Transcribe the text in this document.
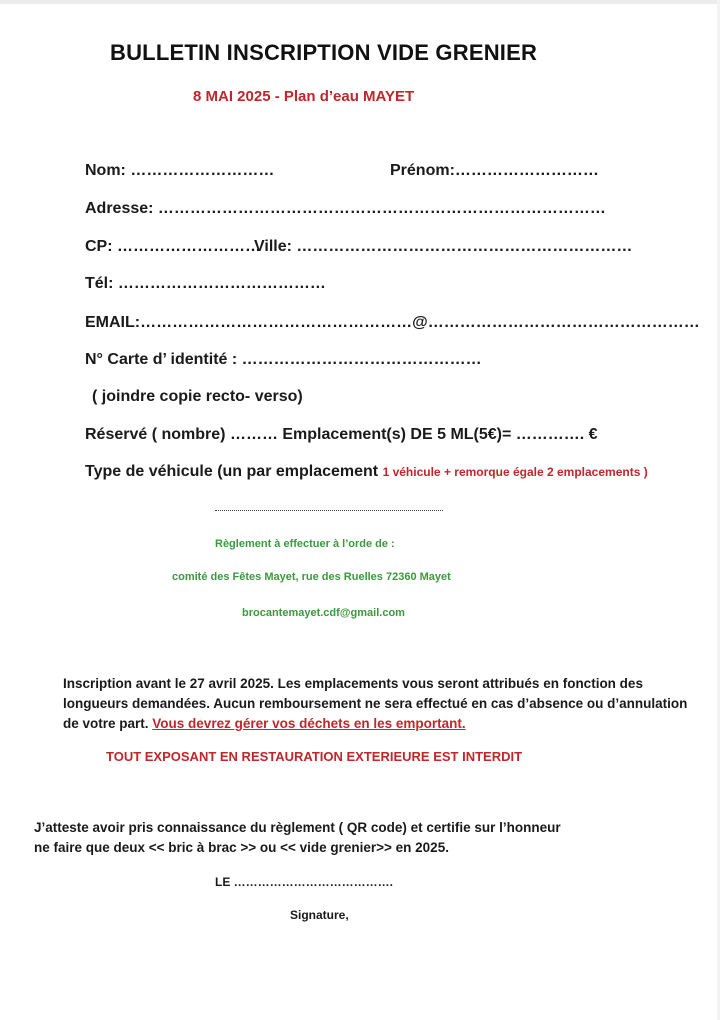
BULLETIN INSCRIPTION VIDE GRENIER
8 MAI 2025 - Plan d’eau MAYET
Nom: ………………………	Prénom:………………………
Adresse: …………………………………………………………………………
CP: ………………………
Ville: ………………………………………………………
Tél: …………………………………
EMAIL:……………………………………………@……………………………………………
N° Carte d’ identité : ………………………………………
( joindre copie recto- verso)
Réservé ( nombre) ……… Emplacement(s) DE 5 ML(5€)= …………. €
Type de véhicule (un par emplacement 1 véhicule + remorque égale 2 emplacements )
Règlement à effectuer à l’orde de :
comité des Fêtes Mayet, rue des Ruelles 72360 Mayet
brocantemayet.cdf@gmail.com
Inscription avant le 27 avril 2025. Les emplacements vous seront attribués en fonction des longueurs demandées. Aucun remboursement ne sera effectué en cas d’absence ou d’annulation de votre part. Vous devrez gérer vos déchets en les emportant.
TOUT EXPOSANT EN RESTAURATION EXTERIEURE EST INTERDIT
J’atteste avoir pris connaissance du règlement ( QR code) et certifie sur l’honneur
ne faire que deux << bric à brac >> ou << vide grenier>> en 2025.
LE ………………………………….
Signature,
